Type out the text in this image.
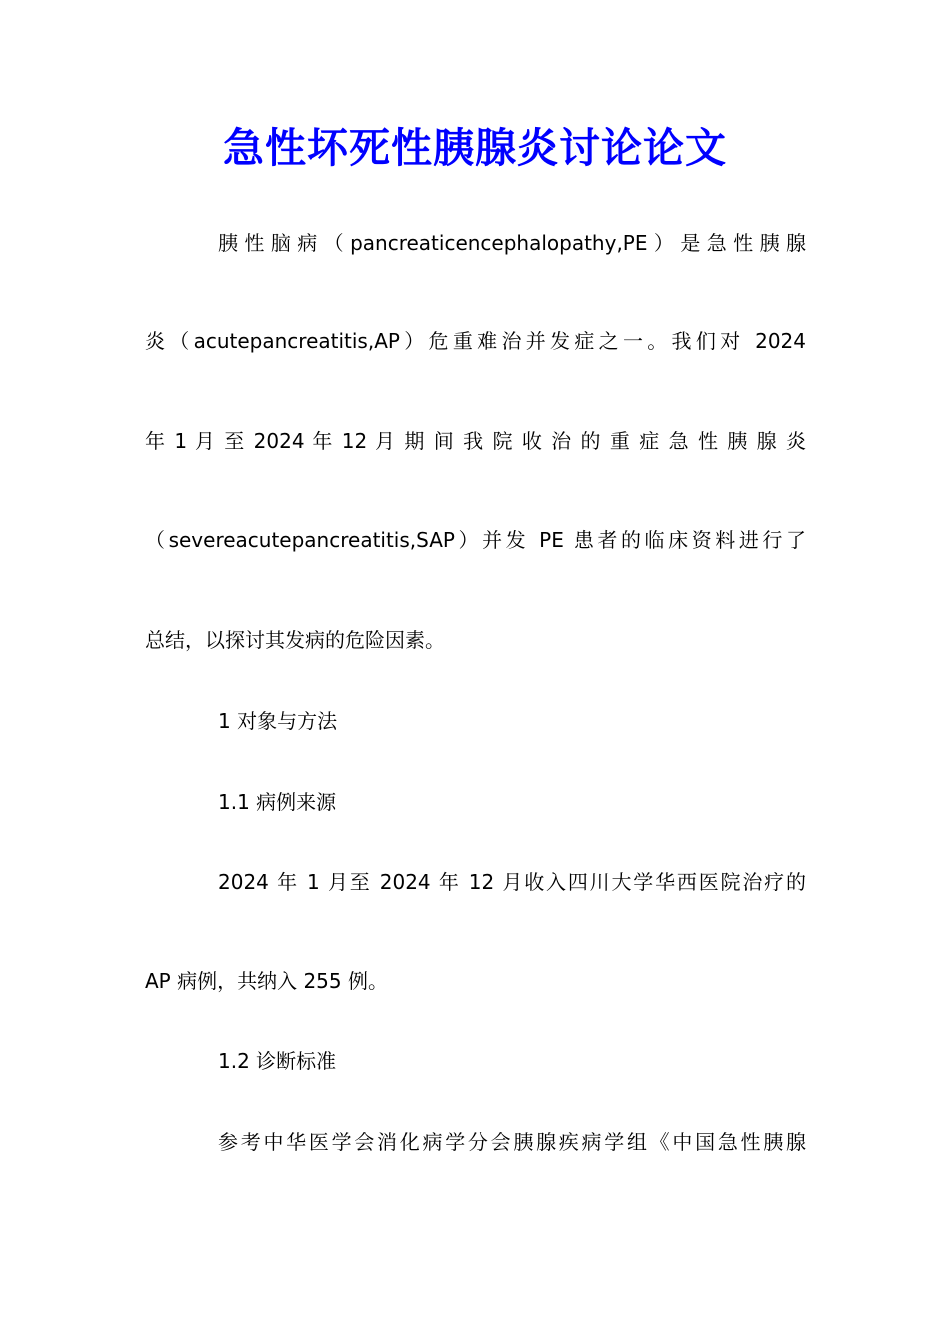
急性坏死性胰腺炎讨论论文
胰性脑病（pancreaticencephalopathy,PE）是急性胰腺
炎（acutepancreatitis,AP）危重难治并发症之一。我们对 2024
年 1 月 至 2024 年 12 月 期 间 我 院 收 治 的 重 症 急 性 胰 腺 炎
（severeacutepancreatitis,SAP）并发 PE 患者的临床资料进行了
总结，以探讨其发病的危险因素。
1 对象与方法
1.1 病例来源
2024 年 1 月至 2024 年 12 月收入四川大学华西医院治疗的
AP 病例，共纳入 255 例。
1.2 诊断标准
参考中华医学会消化病学分会胰腺疾病学组《中国急性胰腺
